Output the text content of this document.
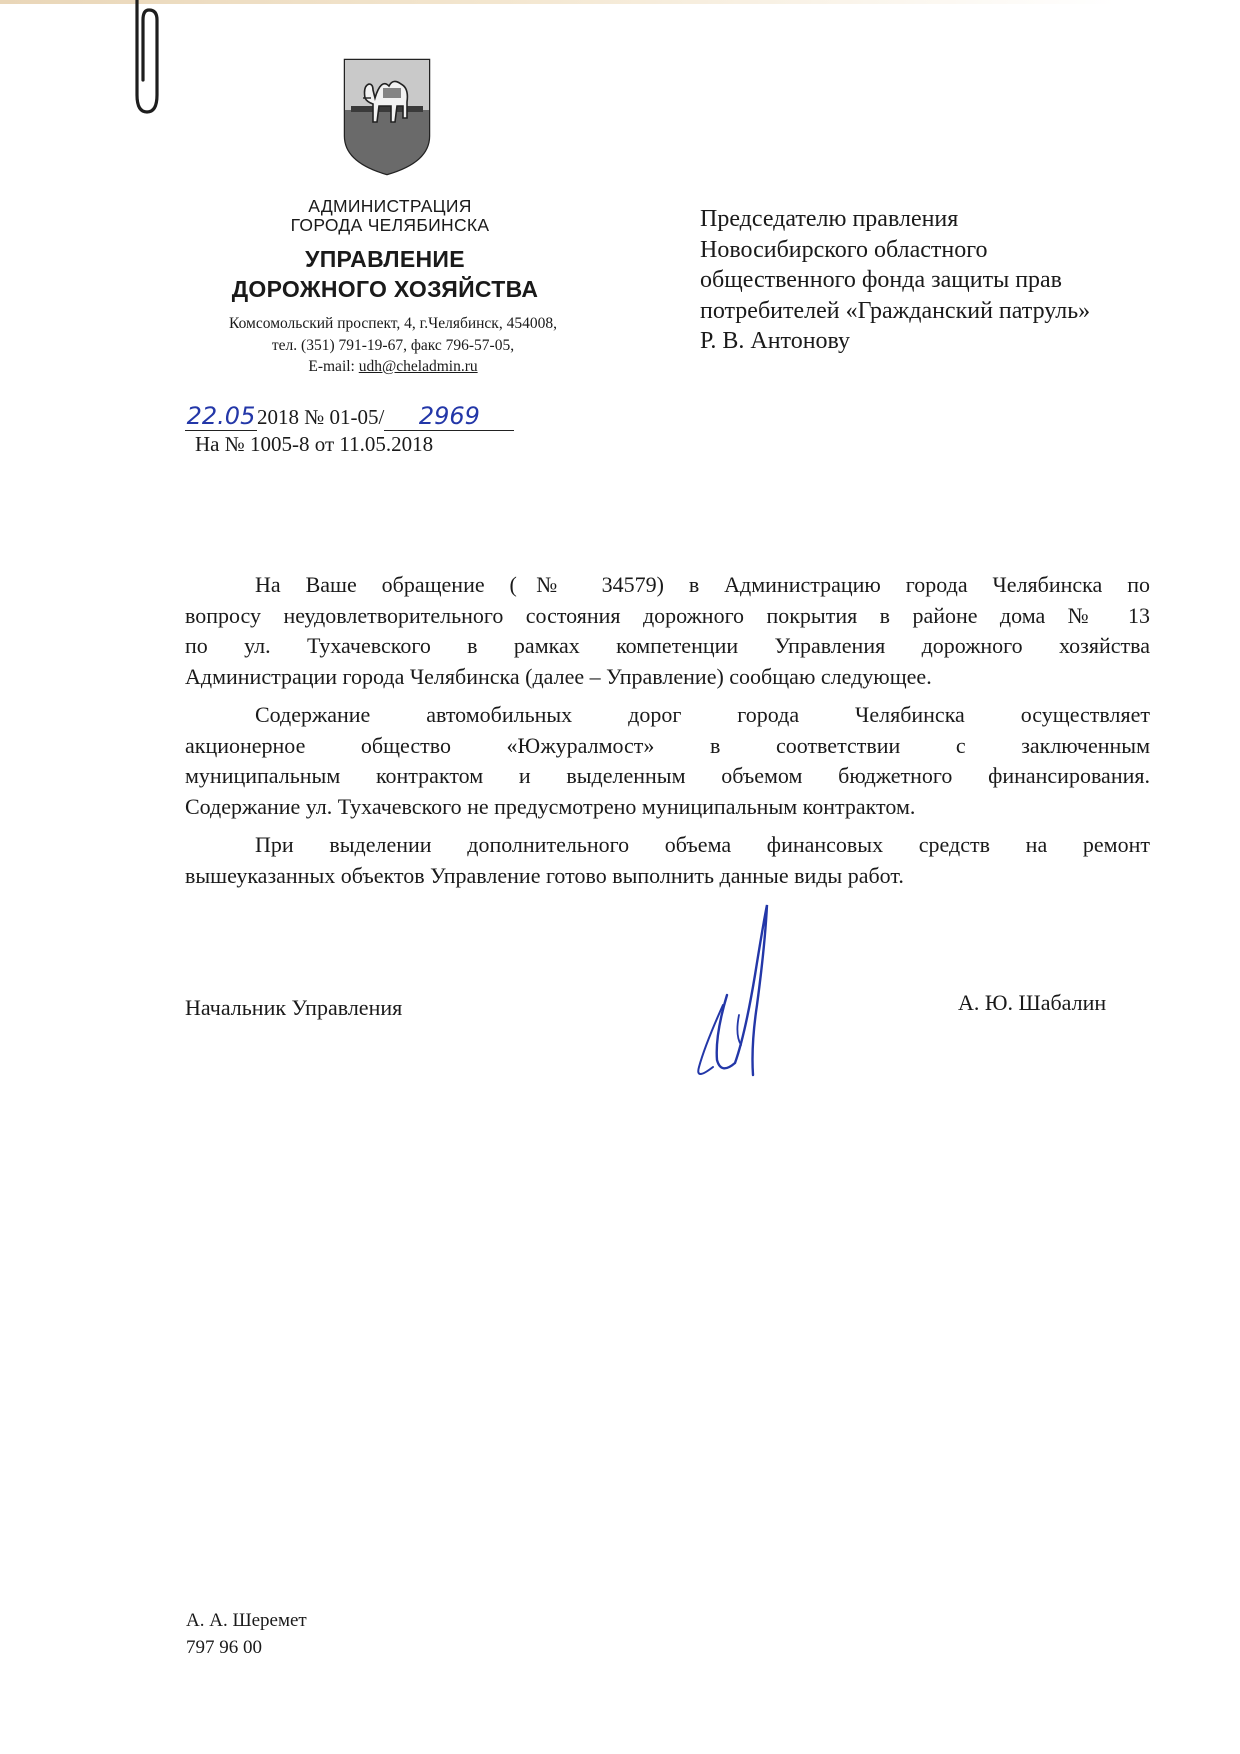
АДМИНИСТРАЦИЯ
ГОРОДА ЧЕЛЯБИНСКА
УПРАВЛЕНИЕ
ДОРОЖНОГО ХОЗЯЙСТВА
Комсомольский проспект, 4, г.Челябинск, 454008,
тел. (351) 791-19-67, факс 796-57-05,
E-mail: udh@cheladmin.ru
22.052018 № 01-05/ 2969
На № 1005-8 от 11.05.2018
Председателю правления
Новосибирского областного
общественного фонда защиты прав
потребителей «Гражданский патруль»
Р. В. Антонову
На Ваше обращение (№ 34579) в Администрацию города Челябинска по
вопросу неудовлетворительного состояния дорожного покрытия в районе дома № 13
по ул. Тухачевского в рамках компетенции Управления дорожного хозяйства
Администрации города Челябинска (далее – Управление) сообщаю следующее.
Содержание автомобильных дорог города Челябинска осуществляет
акционерное общество «Южуралмост» в соответствии с заключенным
муниципальным контрактом и выделенным объемом бюджетного финансирования.
Содержание ул. Тухачевского не предусмотрено муниципальным контрактом.
При выделении дополнительного объема финансовых средств на ремонт
вышеуказанных объектов Управление готово выполнить данные виды работ.
Начальник Управления	А. Ю. Шабалин
А. А. Шеремет
797 96 00
